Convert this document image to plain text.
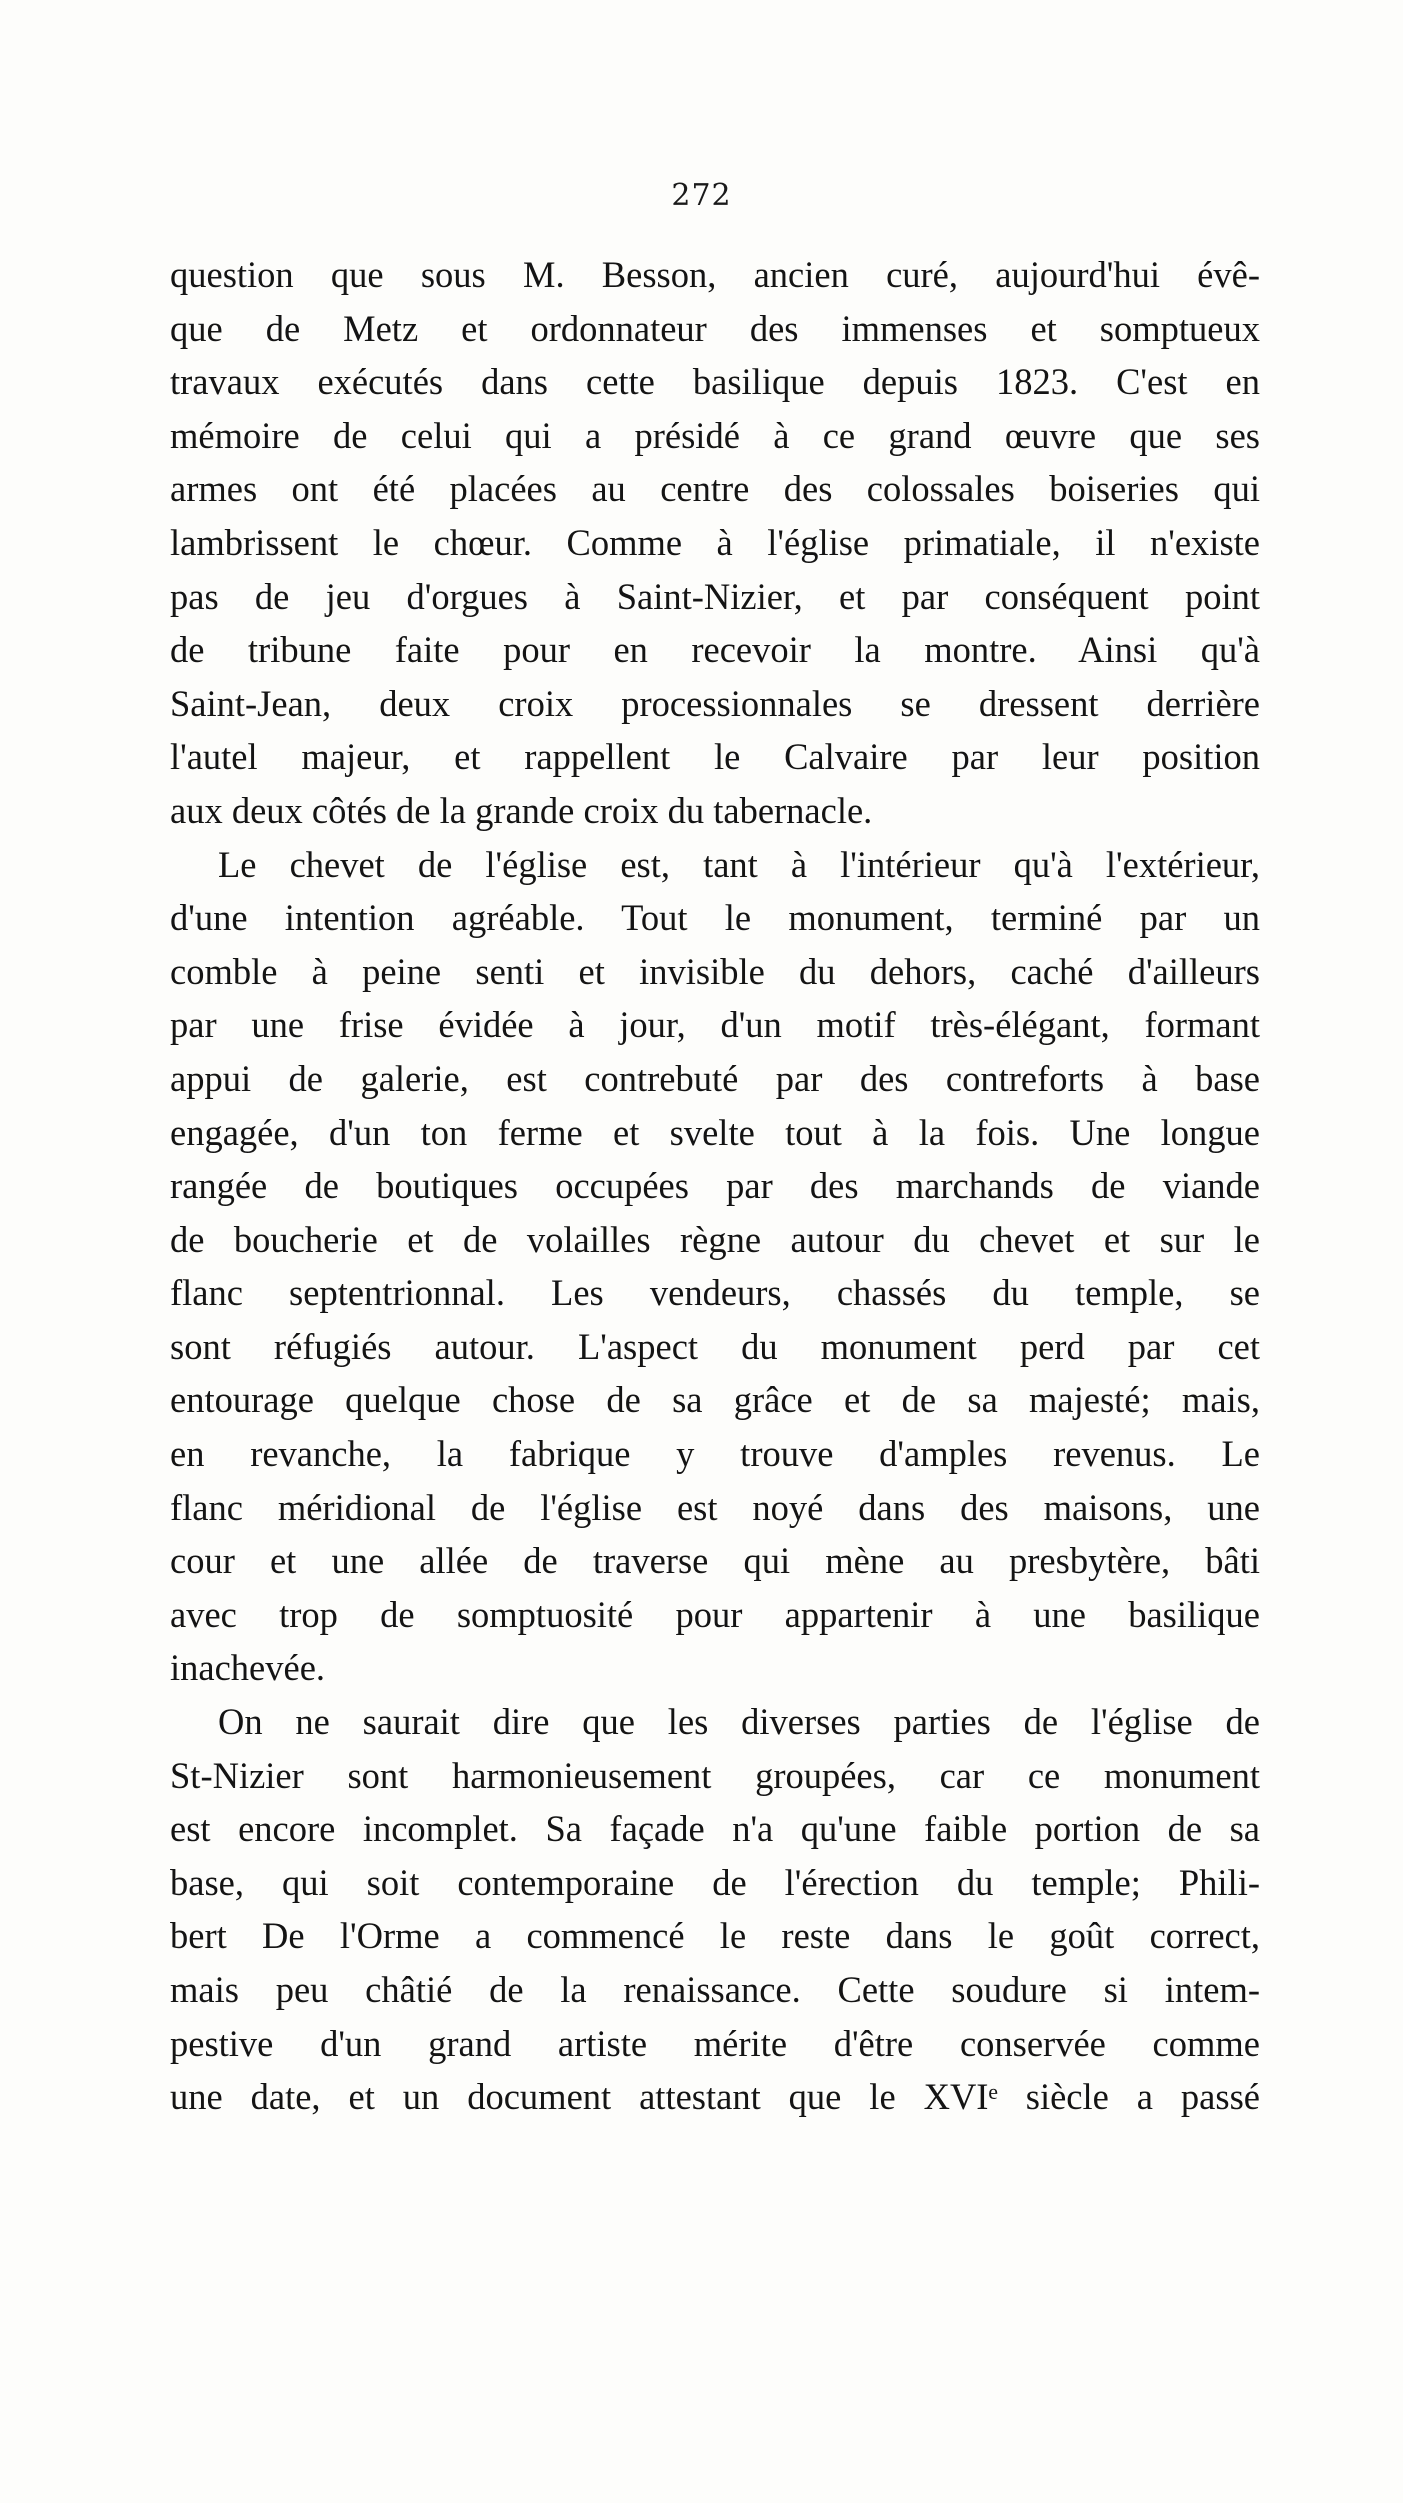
272
question que sous M. Besson, ancien curé, aujourd'hui évê-
que de Metz et ordonnateur des immenses et somptueux
travaux exécutés dans cette basilique depuis 1823. C'est en
mémoire de celui qui a présidé à ce grand œuvre que ses
armes ont été placées au centre des colossales boiseries qui
lambrissent le chœur. Comme à l'église primatiale, il n'existe
pas de jeu d'orgues à Saint-Nizier, et par conséquent point
de tribune faite pour en recevoir la montre. Ainsi qu'à
Saint-Jean, deux croix processionnales se dressent derrière
l'autel majeur, et rappellent le Calvaire par leur position
aux deux côtés de la grande croix du tabernacle.
Le chevet de l'église est, tant à l'intérieur qu'à l'extérieur,
d'une intention agréable. Tout le monument, terminé par un
comble à peine senti et invisible du dehors, caché d'ailleurs
par une frise évidée à jour, d'un motif très-élégant, formant
appui de galerie, est contrebuté par des contreforts à base
engagée, d'un ton ferme et svelte tout à la fois. Une longue
rangée de boutiques occupées par des marchands de viande
de boucherie et de volailles règne autour du chevet et sur le
flanc septentrionnal. Les vendeurs, chassés du temple, se
sont réfugiés autour. L'aspect du monument perd par cet
entourage quelque chose de sa grâce et de sa majesté; mais,
en revanche, la fabrique y trouve d'amples revenus. Le
flanc méridional de l'église est noyé dans des maisons, une
cour et une allée de traverse qui mène au presbytère, bâti
avec trop de somptuosité pour appartenir à une basilique
inachevée.
On ne saurait dire que les diverses parties de l'église de
St-Nizier sont harmonieusement groupées, car ce monument
est encore incomplet. Sa façade n'a qu'une faible portion de sa
base, qui soit contemporaine de l'érection du temple; Phili-
bert De l'Orme a commencé le reste dans le goût correct,
mais peu châtié de la renaissance. Cette soudure si intem-
pestive d'un grand artiste mérite d'être conservée comme
une date, et un document attestant que le XVIᵉ siècle a passé
